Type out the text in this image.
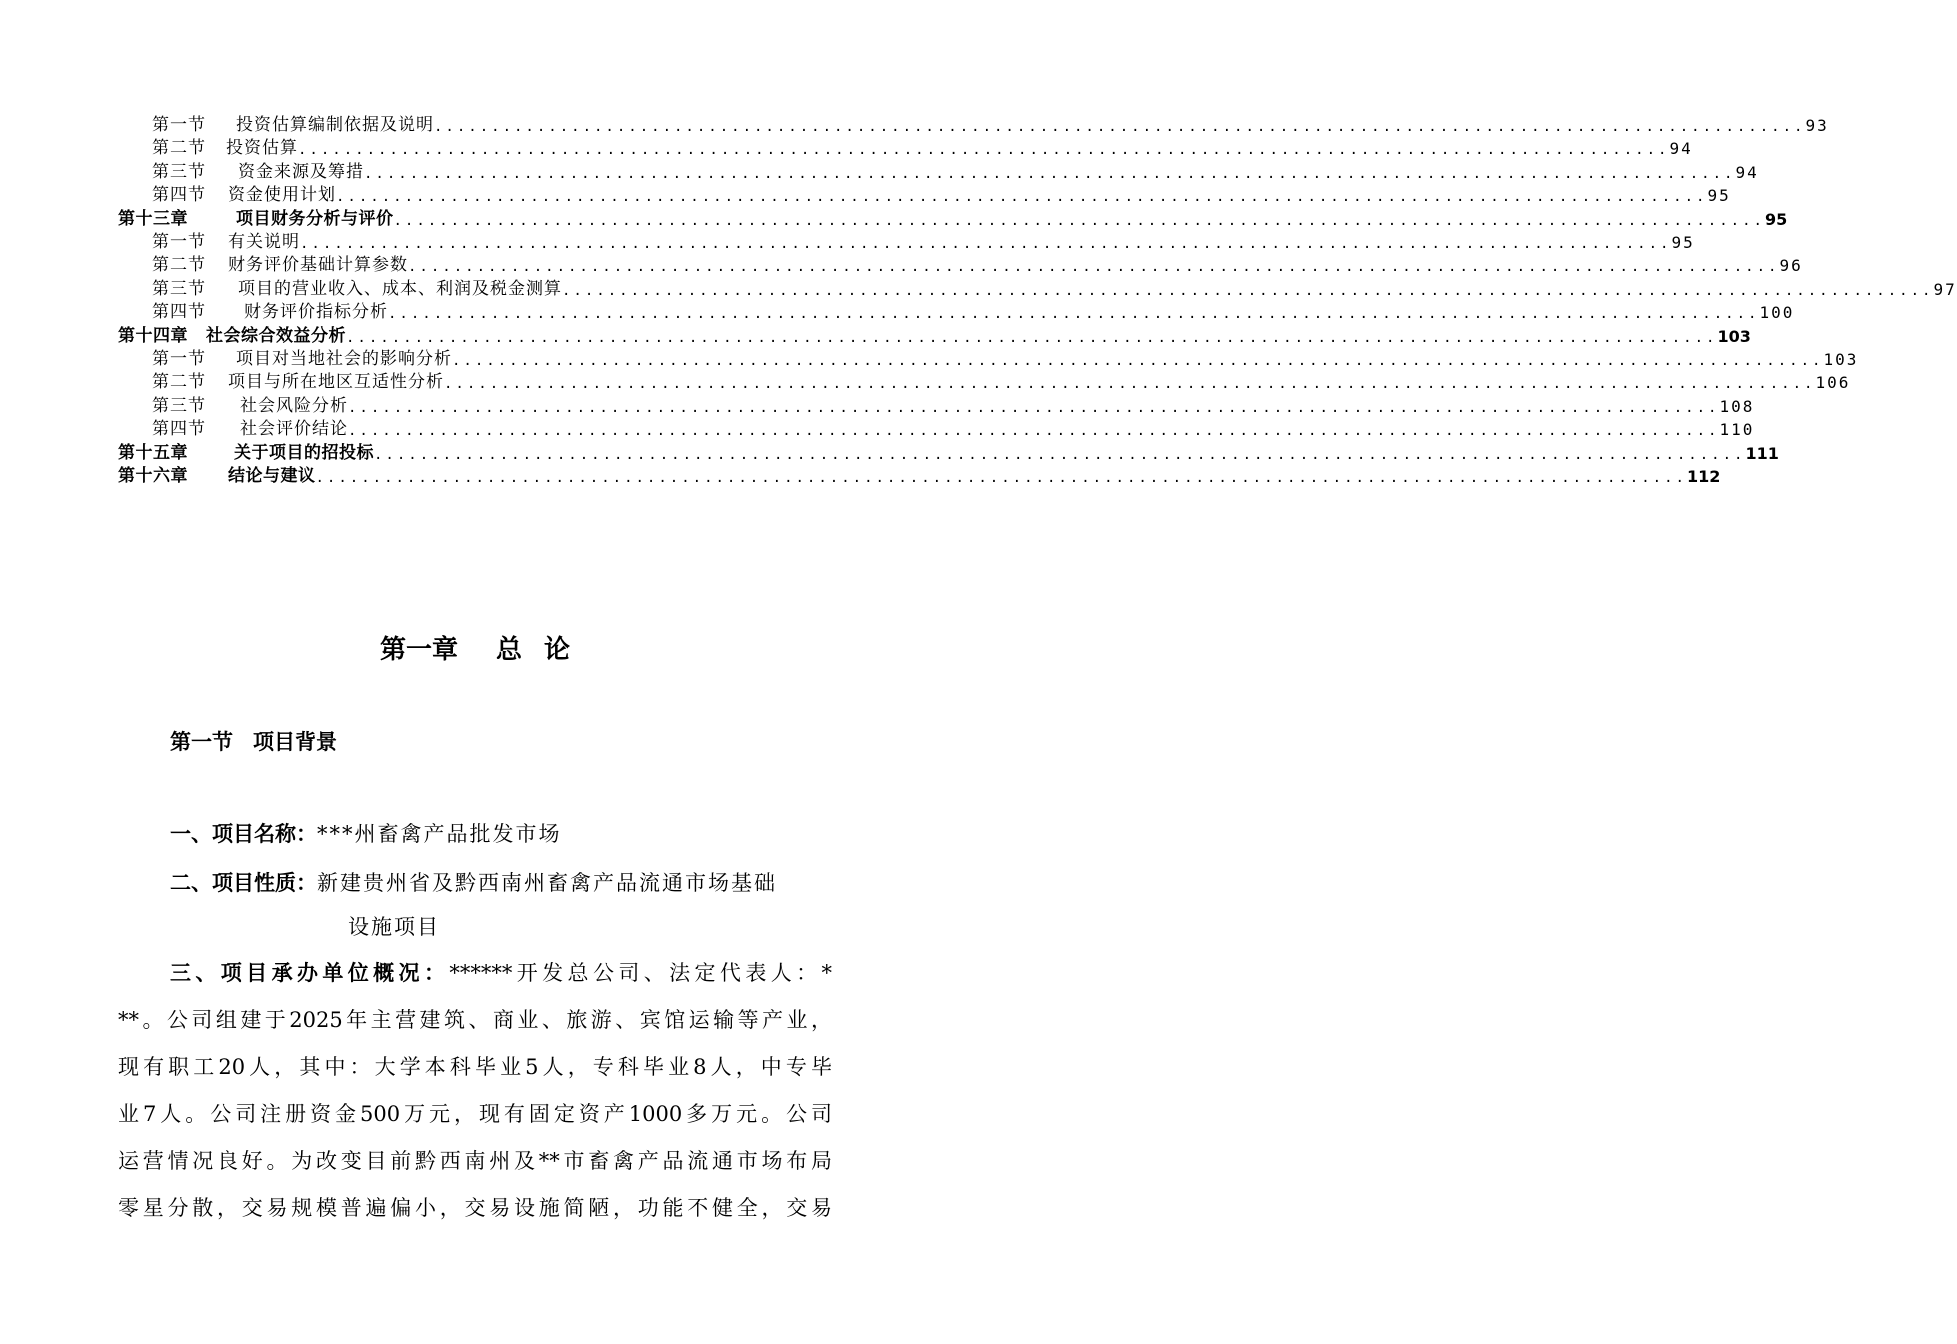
第一节 投资估算编制依据及说明 ........................................................................................................................ 93
第二节 投资估算 ........................................................................................................................ 94
第三节 资金来源及筹措 ........................................................................................................................ 94
第四节 资金使用计划 ........................................................................................................................ 95
第十三章	项目财务分析与评价 ........................................................................................................................ 95
第一节 有关说明 ........................................................................................................................ 95
第二节 财务评价基础计算参数 ........................................................................................................................ 96
第三节 项目的营业收入、成本、利润及税金测算 ........................................................................................................................ 97
第四节 财务评价指标分析 ........................................................................................................................ 100
第十四章 社会综合效益分析 ........................................................................................................................ 103
第一节 项目对当地社会的影响分析 ........................................................................................................................ 103
第二节 项目与所在地区互适性分析 ........................................................................................................................ 106
第三节 社会风险分析 ........................................................................................................................ 108
第四节 社会评价结论 ........................................................................................................................ 110
第十五章	关于项目的招投标 ........................................................................................................................ 111
第十六章 结论与建议 ........................................................................................................................ 112
第一章 总 论
第一节 项目背景
一、项目名称：***州畜禽产品批发市场
二、项目性质：新建贵州省及黔西南州畜禽产品流通市场基础
设施项目
三、项目承办单位概况：******开发总公司、法定代表人：*
**。公司组建于2025年主营建筑、商业、旅游、宾馆运输等产业，
现有职工20人，其中：大学本科毕业5人，专科毕业8人，中专毕
业7人。公司注册资金500万元，现有固定资产1000多万元。公司
运营情况良好。为改变目前黔西南州及**市畜禽产品流通市场布局
零星分散，交易规模普遍偏小，交易设施简陋，功能不健全，交易
